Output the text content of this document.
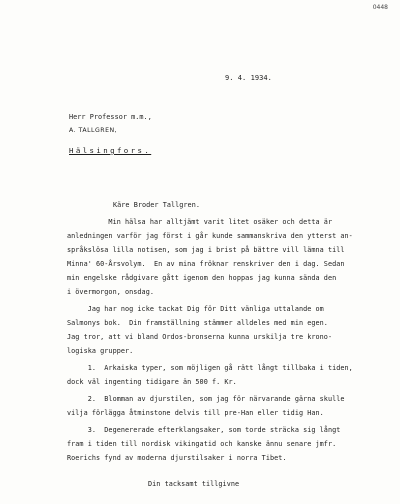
0448
9. 4. 1934.
Herr Professor m.m.,
A. TALLGREN,
Hälsingfors.
Käre Broder Tallgren.

Min hälsa har alltjämt varit litet osäker och detta är

anledningen varför jag först i går kunde sammanskriva den ytterst an-

språkslösa lilla notisen, som jag i brist på bättre vill lämna till

Minna' 60-Årsvolym.  En av mina fröknar renskriver den i dag. Sedan

min engelske rådgivare gått igenom den hoppas jag kunna sända den

i övermorgon, onsdag.

Jag har nog icke tackat Dig för Ditt vänliga uttalande om

Salmonys bok.  Din framställning stämmer alldeles med min egen.

Jag tror, att vi bland Ordos-bronserna kunna urskilja tre krono-

logiska grupper.

1.  Arkaiska typer, som möjligen gå rätt långt tillbaka i tiden,

dock väl ingenting tidigare än 500 f. Kr.

2.  Blomman av djurstilen, som jag för närvarande gärna skulle

vilja förlägga åtminstone delvis till pre-Han eller tidig Han.

3.  Degenererade efterklangsaker, som torde sträcka sig långt

fram i tiden till nordisk vikingatid och kanske ännu senare jmfr.

Roerichs fynd av moderna djurstilsaker i norra Tibet.

Din tacksamt tillgivne
